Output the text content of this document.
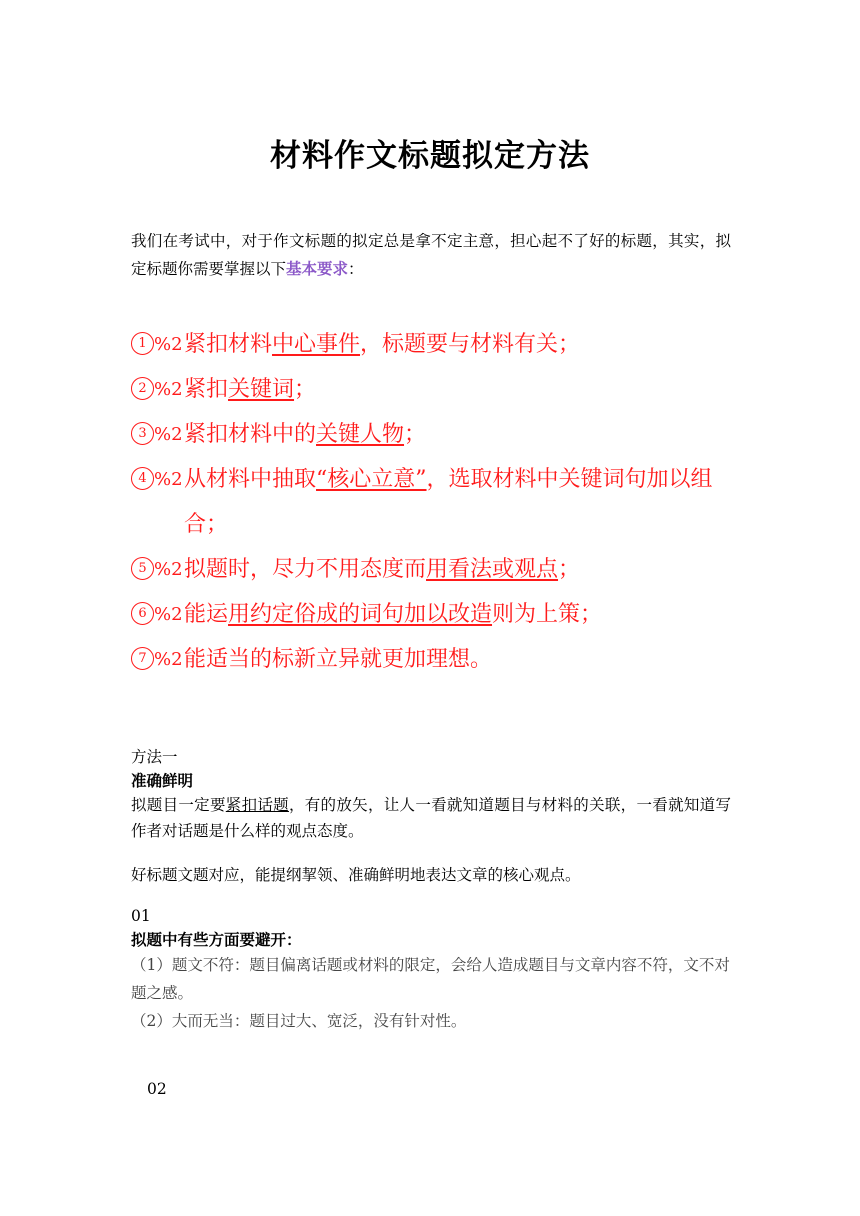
材料作文标题拟定方法
我们在考试中，对于作文标题的拟定总是拿不定主意，担心起不了好的标题，其实，拟定标题你需要掌握以下基本要求：
1 %2 紧扣材料中心事件，标题要与材料有关；
2 %2 紧扣关键词；
3 %2 紧扣材料中的关键人物；
4 %2 从材料中抽取“核心立意”，选取材料中关键词句加以组合；
5 %2 拟题时，尽力不用态度而用看法或观点；
6 %2 能运用约定俗成的词句加以改造则为上策；
7 %2 能适当的标新立异就更加理想。
方法一
准确鲜明
拟题目一定要紧扣话题，有的放矢，让人一看就知道题目与材料的关联，一看就知道写作者对话题是什么样的观点态度。
好标题文题对应，能提纲挈领、准确鲜明地表达文章的核心观点。
01
拟题中有些方面要避开：
（1）题文不符：题目偏离话题或材料的限定，会给人造成题目与文章内容不符，文不对题之感。
（2）大而无当：题目过大、宽泛，没有针对性。
02
